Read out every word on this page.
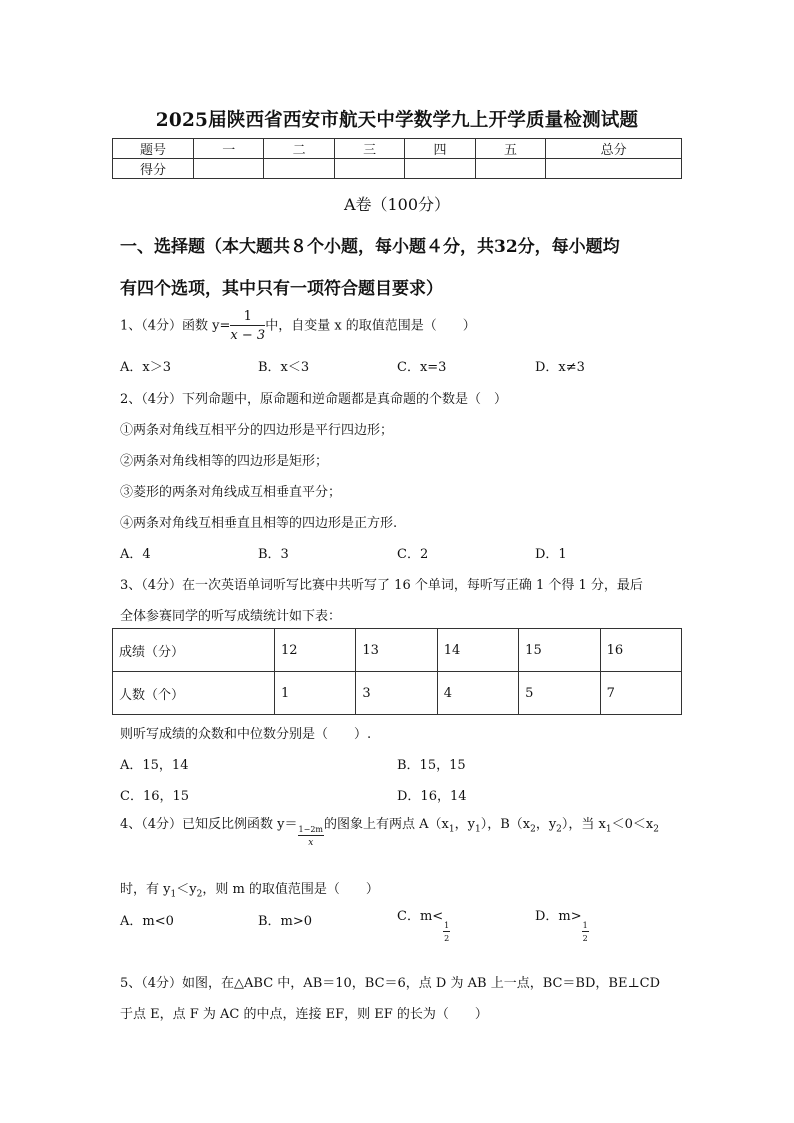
2025届陕西省西安市航天中学数学九上开学质量检测试题
题号	一	二	三	四	五	总分
得分						
A卷（100分）
一、选择题（本大题共８个小题，每小题４分，共32分，每小题均
有四个选项，其中只有一项符合题目要求）
1、（4分）函数 $y= \frac{1}{x - 3}$ 中，自变量 x 的取值范围是（　　）
A．x＞3	B．x＜3	C．x=3	D．x≠3
2、（4分）下列命题中，原命题和逆命题都是真命题的个数是（　）
①两条对角线互相平分的四边形是平行四边形；
②两条对角线相等的四边形是矩形；
③菱形的两条对角线成互相垂直平分；
④两条对角线互相垂直且相等的四边形是正方形.
A．4	B．3	C．2	D．1
3、（4分）在一次英语单词听写比赛中共听写了 16 个单词，每听写正确 1 个得 1 分，最后
全体参赛同学的听写成绩统计如下表：
成绩（分）	12	13	14	15	16
人数（个）	1	3	4	5	7
则听写成绩的众数和中位数分别是（　　）.
A．15，14	B．15，15
C．16，15	D．16，14
4、（4分）已知反比例函数 y＝
$\frac{1-2m}{x}$
的图象上有两点 $A(x_1$，$y_1$），$B(x_2$，$y_2$），当 $x_1<0<x_2$
时，有 $y_1<y_2$，则 m 的取值范围是（　　）
A．m<0	B．m>0	C．m<
$\frac{1}{2}$
D．m>
$\frac{1}{2}$
5、（4分）如图，在△ABC 中，AB＝10，BC＝6，点 D 为 AB 上一点，BC＝BD，BE⊥CD
于点 E，点 F 为 AC 的中点，连接 EF，则 EF 的长为（　　）
